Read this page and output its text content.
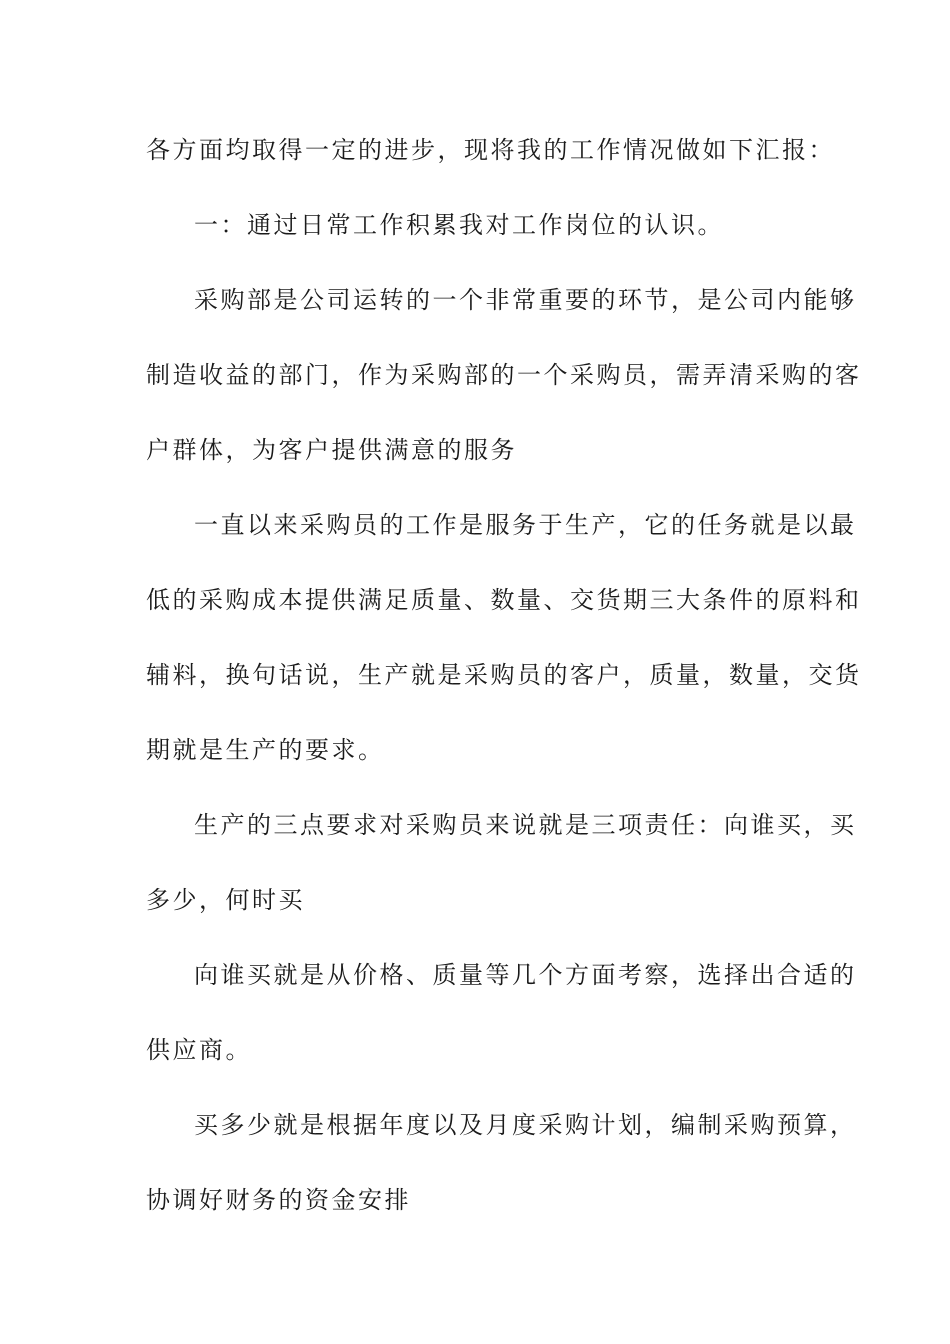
各方面均取得一定的进步，现将我的工作情况做如下汇报：
一：通过日常工作积累我对工作岗位的认识。
采购部是公司运转的一个非常重要的环节，是公司内能够
制造收益的部门，作为采购部的一个采购员，需弄清采购的客
户群体，为客户提供满意的服务
一直以来采购员的工作是服务于生产，它的任务就是以最
低的采购成本提供满足质量、数量、交货期三大条件的原料和
辅料，换句话说，生产就是采购员的客户，质量，数量，交货
期就是生产的要求。
生产的三点要求对采购员来说就是三项责任：向谁买，买
多少，何时买
向谁买就是从价格、质量等几个方面考察，选择出合适的
供应商。
买多少就是根据年度以及月度采购计划，编制采购预算，
协调好财务的资金安排
